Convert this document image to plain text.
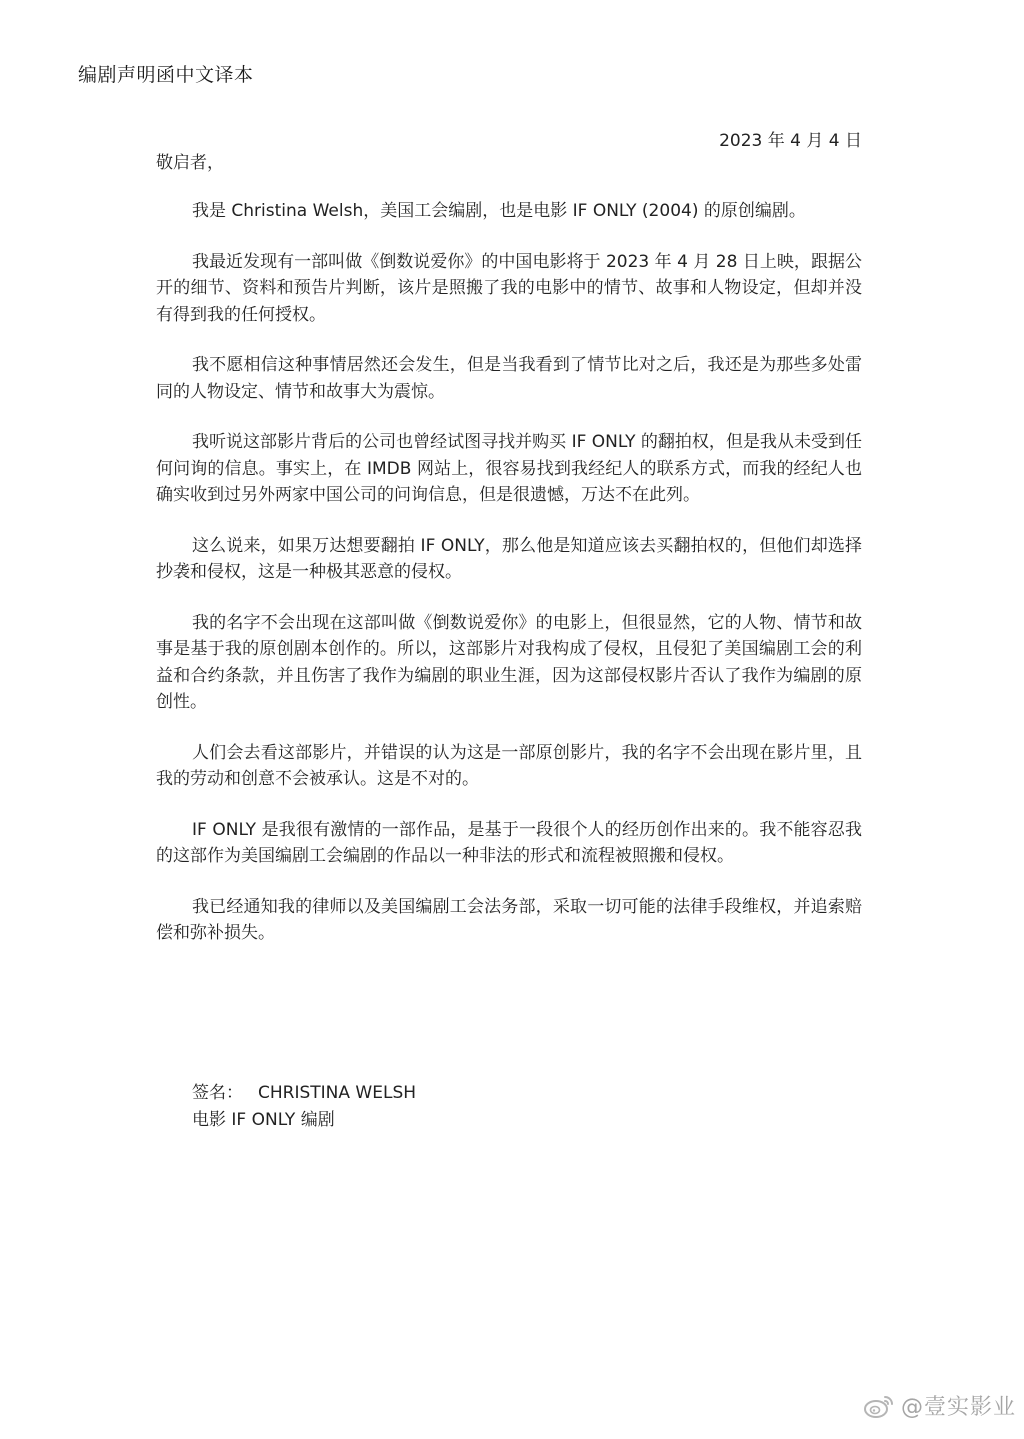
编剧声明函中文译本
2023 年 4 月 4 日

敬启者，

我是 Christina Welsh，美国工会编剧，也是电影 IF ONLY (2004) 的原创编剧。

我最近发现有一部叫做《倒数说爱你》的中国电影将于 2023 年 4 月 28 日上映，跟据公开的细节、资料和预告片判断，该片是照搬了我的电影中的情节、故事和人物设定，但却并没有得到我的任何授权。

我不愿相信这种事情居然还会发生，但是当我看到了情节比对之后，我还是为那些多处雷同的人物设定、情节和故事大为震惊。

我听说这部影片背后的公司也曾经试图寻找并购买 IF ONLY 的翻拍权，但是我从未受到任何问询的信息。事实上，在 IMDB 网站上，很容易找到我经纪人的联系方式，而我的经纪人也确实收到过另外两家中国公司的问询信息，但是很遗憾，万达不在此列。

这么说来，如果万达想要翻拍 IF ONLY，那么他是知道应该去买翻拍权的，但他们却选择抄袭和侵权，这是一种极其恶意的侵权。

我的名字不会出现在这部叫做《倒数说爱你》的电影上，但很显然，它的人物、情节和故事是基于我的原创剧本创作的。所以，这部影片对我构成了侵权，且侵犯了美国编剧工会的利益和合约条款，并且伤害了我作为编剧的职业生涯，因为这部侵权影片否认了我作为编剧的原创性。

人们会去看这部影片，并错误的认为这是一部原创影片，我的名字不会出现在影片里，且我的劳动和创意不会被承认。这是不对的。

IF ONLY 是我很有激情的一部作品，是基于一段很个人的经历创作出来的。我不能容忍我的这部作为美国编剧工会编剧的作品以一种非法的形式和流程被照搬和侵权。

我已经通知我的律师以及美国编剧工会法务部，采取一切可能的法律手段维权，并追索赔偿和弥补损失。

签名： CHRISTINA WELSH
电影 IF ONLY 编剧
@壹实影业
